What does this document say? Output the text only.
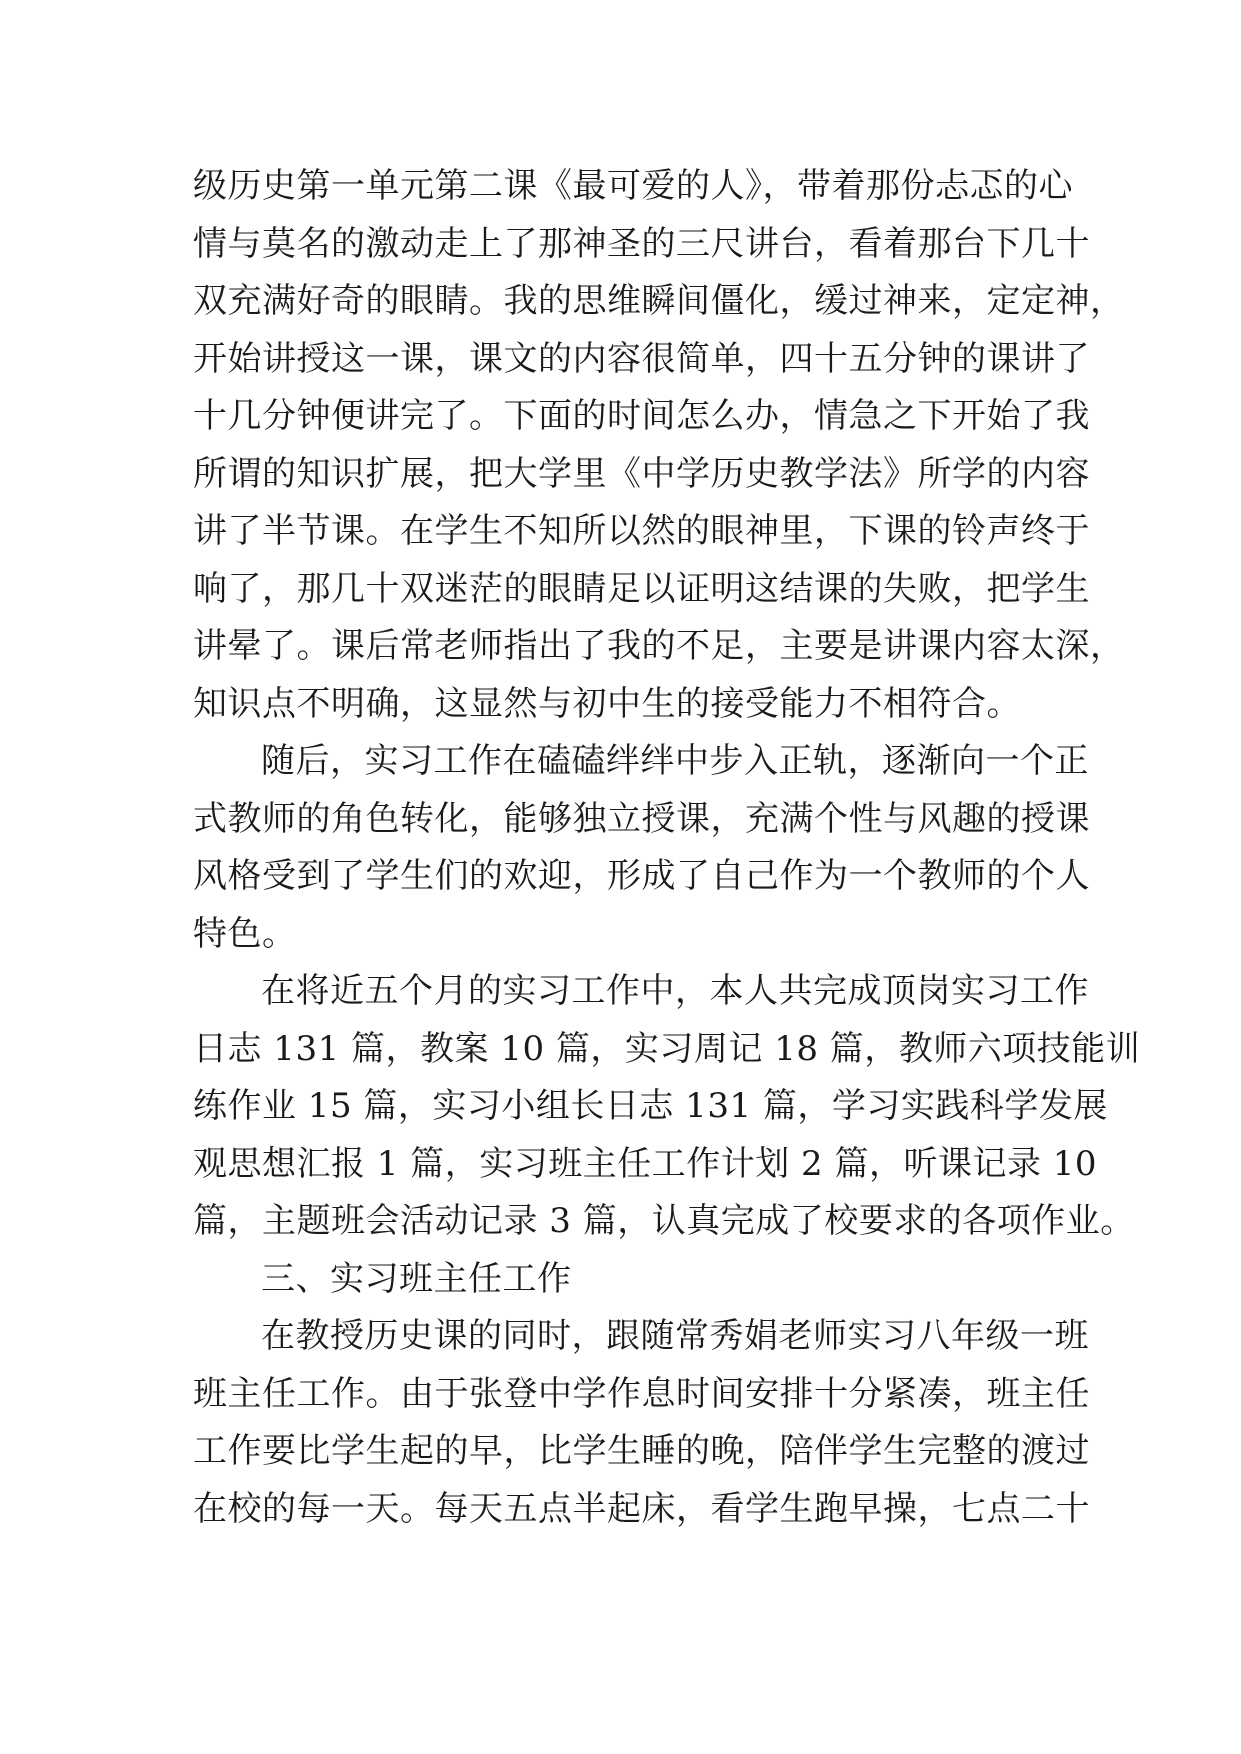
级历史第一单元第二课《最可爱的人》，带着那份忐忑的心
情与莫名的激动走上了那神圣的三尺讲台，看着那台下几十
双充满好奇的眼睛。我的思维瞬间僵化，缓过神来，定定神，
开始讲授这一课，课文的内容很简单，四十五分钟的课讲了
十几分钟便讲完了。下面的时间怎么办，情急之下开始了我
所谓的知识扩展，把大学里《中学历史教学法》所学的内容
讲了半节课。在学生不知所以然的眼神里，下课的铃声终于
响了，那几十双迷茫的眼睛足以证明这结课的失败，把学生
讲晕了。课后常老师指出了我的不足，主要是讲课内容太深，
知识点不明确，这显然与初中生的接受能力不相符合。
随后，实习工作在磕磕绊绊中步入正轨，逐渐向一个正
式教师的角色转化，能够独立授课，充满个性与风趣的授课
风格受到了学生们的欢迎，形成了自己作为一个教师的个人
特色。
在将近五个月的实习工作中，本人共完成顶岗实习工作
日志 131 篇，教案 10 篇，实习周记 18 篇，教师六项技能训
练作业 15 篇，实习小组长日志 131 篇，学习实践科学发展
观思想汇报 1 篇，实习班主任工作计划 2 篇，听课记录 10
篇，主题班会活动记录 3 篇，认真完成了校要求的各项作业。
三、实习班主任工作
在教授历史课的同时，跟随常秀娟老师实习八年级一班
班主任工作。由于张登中学作息时间安排十分紧凑，班主任
工作要比学生起的早，比学生睡的晚，陪伴学生完整的渡过
在校的每一天。每天五点半起床，看学生跑早操，七点二十
